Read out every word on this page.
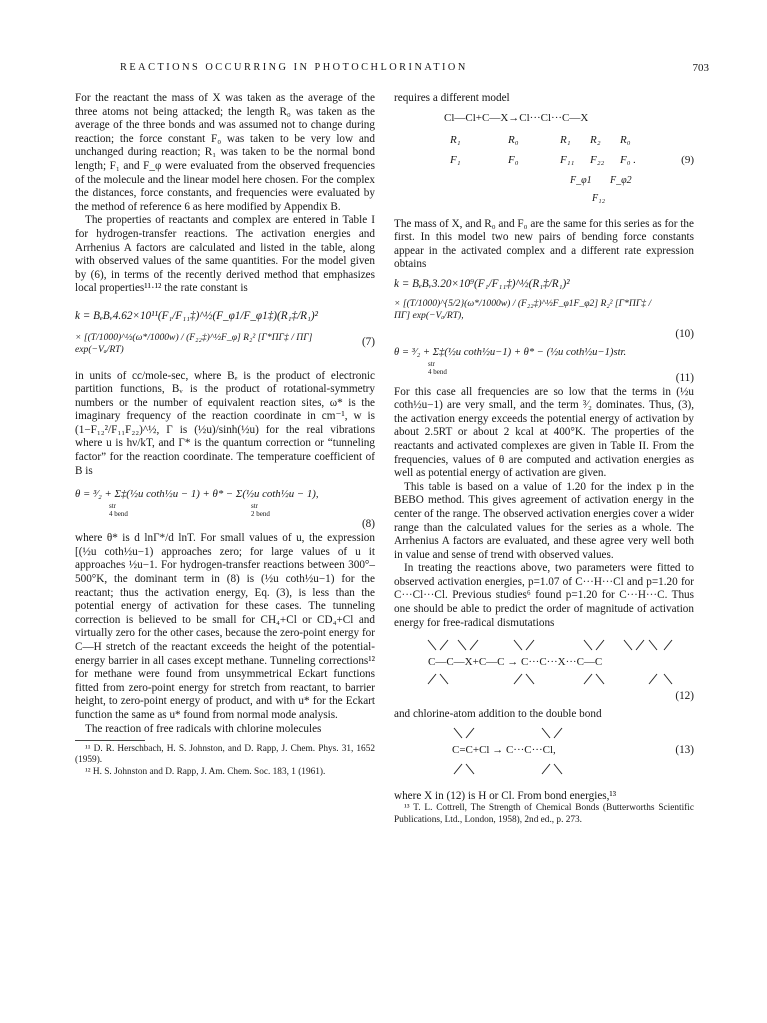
REACTIONS OCCURRING IN PHOTOCHLORINATION	703

For the reactant the mass of X was taken as the average of the three atoms not being attacked; the length R₀ was taken as the average of the three bonds and was assumed not to change during reaction; the force constant F₀ was taken to be very low and unchanged during reaction; R₁ was taken to be the normal bond length; F₁ and F_φ were evaluated from the observed frequencies of the molecule and the linear model here chosen. For the complex the distances, force constants, and frequencies were evaluated by the method of reference 6 as here modified by Appendix B.

The properties of reactants and complex are entered in Table I for hydrogen-transfer reactions. The activation energies and Arrhenius A factors are calculated and listed in the table, along with observed values of the same quantities. For the model given by (6), in terms of the recently derived method that emphasizes local properties¹¹·¹² the rate constant is

k = BₑBᵥ4.62×10¹¹(F₁/F₁₁‡)^½(F_φ1/F_φ1‡)(R₁‡/R₁)²
× [(T/1000)^½(ω*/1000w) / (F₂₂‡)^½F_φ] R₂² [Γ*ΠΓ‡ / ΠΓ] exp(−Vₐ/RT)
(7)

in units of cc/mole-sec, where Bₑ is the product of electronic partition functions, Bᵥ is the product of rotational-symmetry numbers or the number of equivalent reaction sites, ω* is the imaginary frequency of the reaction coordinate in cm⁻¹, w is (1−F₁₂²/F₁₁F₂₂)^½, Γ is (½u)/sinh(½u) for the real vibrations where u is hν/kT, and Γ* is the quantum correction or “tunneling factor” for the reaction coordinate. The temperature coefficient of B is

θ = ³⁄₂ + Σ‡(½u coth½u − 1) + θ* − Σ(½u coth½u − 1),
str
4 bend
str
2 bend
(8)

where θ* is d lnΓ*/d lnT. For small values of u, the expression [(½u coth½u−1) approaches zero; for large values of u it approaches ½u−1. For hydrogen-transfer reactions between 300°–500°K, the dominant term in (8) is (½u coth½u−1) for the reactant; thus the activation energy, Eq. (3), is less than the potential energy of activation for these cases. The tunneling correction is believed to be small for CH₄+Cl or CD₄+Cl and virtually zero for the other cases, because the zero-point energy for C—H stretch of the reactant exceeds the height of the potential-energy barrier in all cases except methane. Tunneling corrections¹² for methane were found from unsymmetrical Eckart functions fitted from zero-point energy for stretch from reactant, to barrier height, to zero-point energy of product, and with u* for the Eckart function the same as u* found from normal mode analysis.

The reaction of free radicals with chlorine molecules

¹¹ D. R. Herschbach, H. S. Johnston, and D. Rapp, J. Chem. Phys. 31, 1652 (1959).

¹² H. S. Johnston and D. Rapp, J. Am. Chem. Soc. 183, 1 (1961).

requires a different model

Cl—Cl+C—X→Cl···Cl···C—X
R₁	R₀	R₁ R₂ R₀
F₁	F₀	F₁₁ F₂₂ F₀ .	(9)
F_φ1 F_φ2
F₁₂

The mass of X, and R₀ and F₀ are the same for this series as for the first. In this model two new pairs of bending force constants appear in the activated complex and a different rate expression obtains

k = BₑBᵥ3.20×10⁹(F₁/F₁₁‡)^½(R₁‡/R₁)²
× [(T/1000)^{5/2}(ω*/1000w) / (F₂₂‡)^½F_φ1F_φ2] R₂² [Γ*ΠΓ‡ / ΠΓ] exp(−Vₐ/RT),
(10)
θ = ³⁄₂ + Σ‡(½u coth½u−1) + θ* − (½u coth½u−1)str.
str
4 bend	(11)

For this case all frequencies are so low that the terms in (½u coth½u−1) are very small, and the term ³⁄₂ dominates. Thus, (3), the activation energy exceeds the potential energy of activation by about 2.5RT or about 2 kcal at 400°K. The properties of the reactants and activated complexes are given in Table II. From the frequencies, values of θ are computed and activation energies as well as potential energy of activation are given.

This table is based on a value of 1.20 for the index p in the BEBO method. This gives agreement of activation energy in the center of the range. The observed activation energies cover a wider range than the calculated values for the series as a whole. The Arrhenius A factors are evaluated, and these agree very well both in value and sense of trend with observed values.

In treating the reactions above, two parameters were fitted to observed activation energies, p=1.07 of C···H···Cl and p=1.20 for C···Cl···Cl. Previous studies⁶ found p=1.20 for C···H···C. Thus one should be able to predict the order of magnitude of activation energy for free-radical dismutations

C—C—X+C—C → C···C···X···C—C
(12)

and chlorine-atom addition to the double bond

C=C+Cl → C···C···Cl,	(13)

where X in (12) is H or Cl. From bond energies,¹³

¹³ T. L. Cottrell, The Strength of Chemical Bonds (Butterworths Scientific Publications, Ltd., London, 1958), 2nd ed., p. 273.
